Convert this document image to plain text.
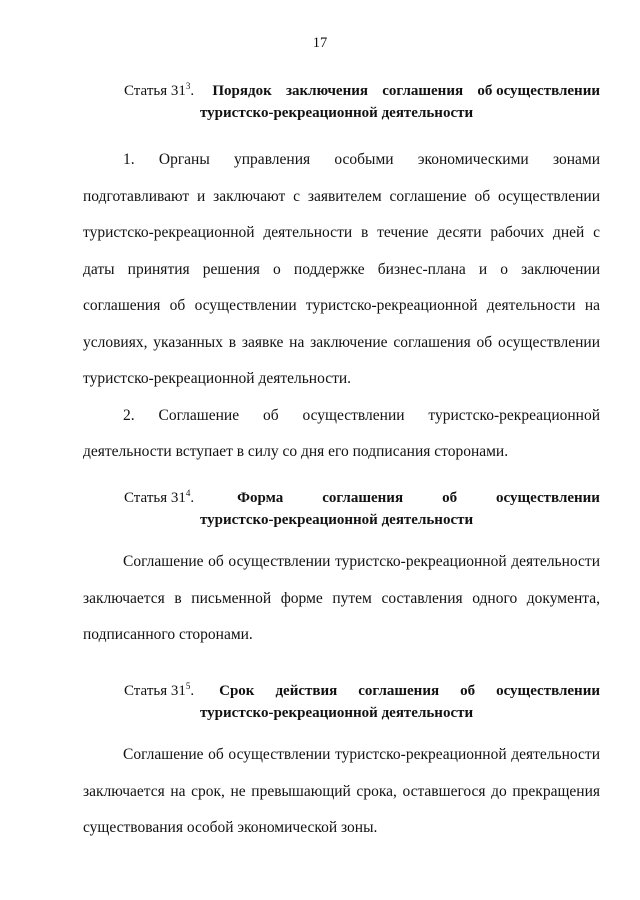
17
Статья $31^3$. Порядок заключения соглашения об осуществлении
туристско-рекреационной деятельности
1. Органы управления особыми экономическими зонами
подготавливают и заключают с заявителем соглашение об осуществлении
туристско-рекреационной деятельности в течение десяти рабочих дней с
даты принятия решения о поддержке бизнес-плана и о заключении
соглашения об осуществлении туристско-рекреационной деятельности на
условиях, указанных в заявке на заключение соглашения об осуществлении
туристско-рекреационной деятельности.
2. Соглашение об осуществлении туристско-рекреационной
деятельности вступает в силу со дня его подписания сторонами.
Статья $31^4$.	Форма	соглашения	об	осуществлении
туристско-рекреационной деятельности
Соглашение об осуществлении туристско-рекреационной деятельности
заключается в письменной форме путем составления одного документа,
подписанного сторонами.
Статья $31^5$. Срок действия соглашения об осуществлении
туристско-рекреационной деятельности
Соглашение об осуществлении туристско-рекреационной деятельности
заключается на срок, не превышающий срока, оставшегося до прекращения
существования особой экономической зоны.
